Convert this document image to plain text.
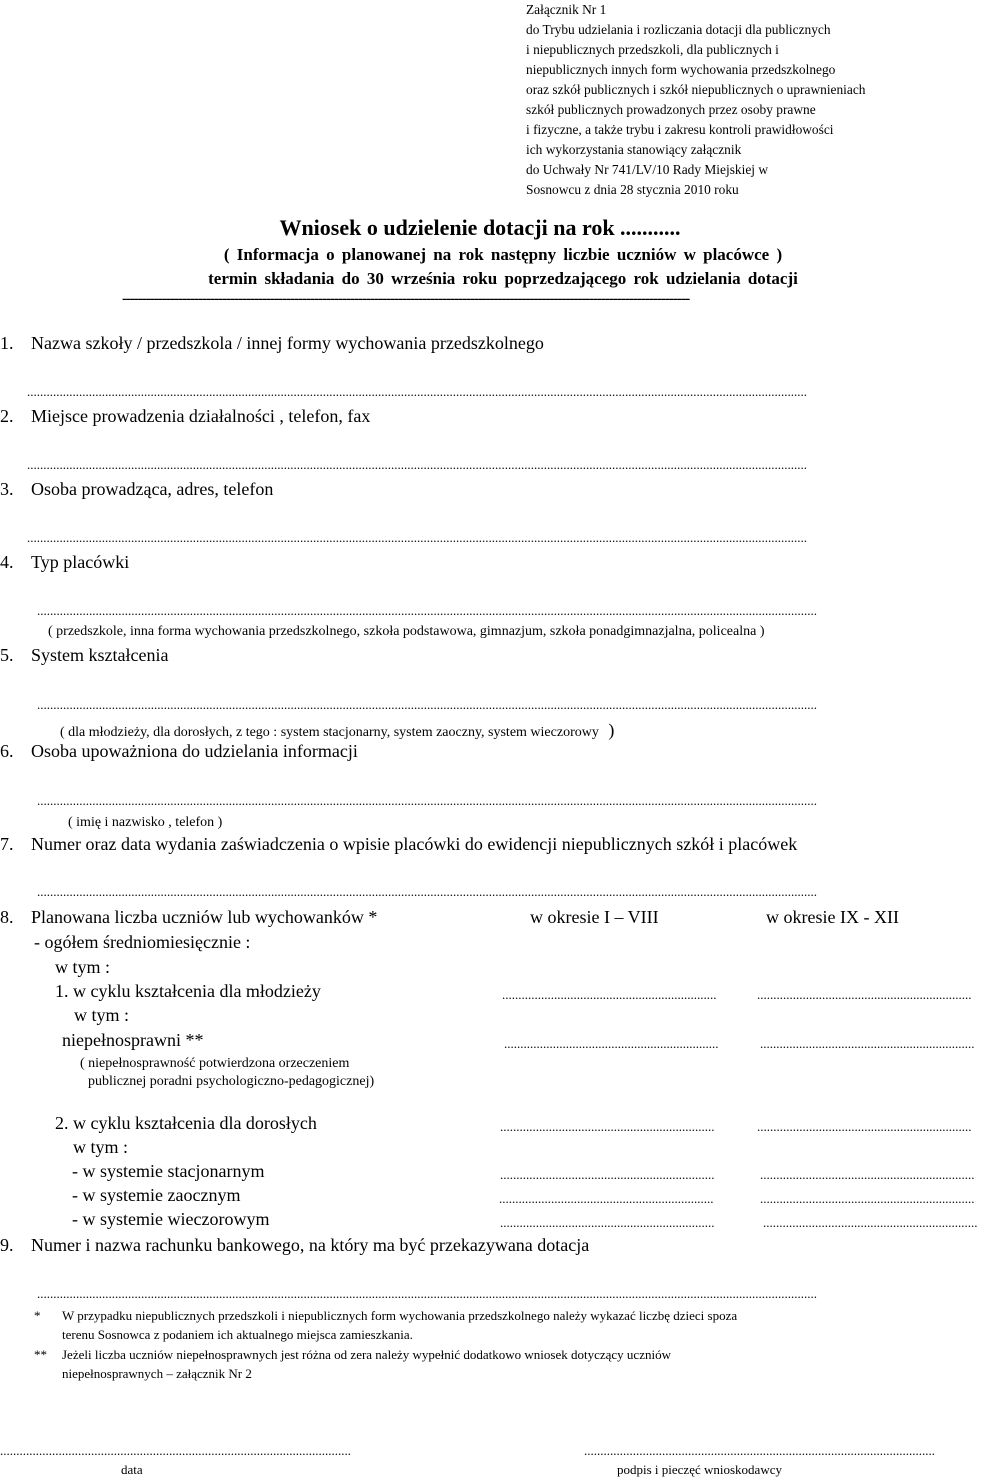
Załącznik Nr 1
do Trybu udzielania i rozliczania dotacji dla publicznych
i niepublicznych przedszkoli, dla publicznych i
niepublicznych innych form wychowania przedszkolnego
oraz szkół publicznych i szkół niepublicznych o uprawnieniach
szkół publicznych prowadzonych przez osoby prawne
i fizyczne, a także trybu i zakresu kontroli prawidłowości
ich wykorzystania stanowiący załącznik
do Uchwały Nr 741/LV/10 Rady Miejskiej w
Sosnowcu z dnia 28 stycznia 2010 roku
Wniosek o udzielenie dotacji na rok ...........
( Informacja o planowanej na rok następny liczbie uczniów w placówce )
termin składania do 30 września roku poprzedzającego rok udzielania dotacji
----------------------------------------------------------------------------------------------------------------------------------------------
1. Nazwa szkoły / przedszkola / innej formy wychowania przedszkolnego
................................................................................................................................................................................................................................................
2. Miejsce prowadzenia działalności , telefon, fax
................................................................................................................................................................................................................................................
3. Osoba prowadząca, adres, telefon
................................................................................................................................................................................................................................................
4. Typ placówki
................................................................................................................................................................................................................................................
( przedszkole, inna forma wychowania przedszkolnego, szkoła podstawowa, gimnazjum, szkoła ponadgimnazjalna, policealna )
5. System kształcenia
................................................................................................................................................................................................................................................
( dla młodzieży, dla dorosłych, z tego : system stacjonarny, system zaoczny, system wieczorowy )
6. Osoba upoważniona do udzielania informacji
................................................................................................................................................................................................................................................
( imię i nazwisko , telefon )
7. Numer oraz data wydania zaświadczenia o wpisie placówki do ewidencji niepublicznych szkół i placówek
................................................................................................................................................................................................................................................
8. Planowana liczba uczniów lub wychowanków *	w okresie I – VIII	w okresie IX - XII
- ogółem średniomiesięcznie :
w tym :
1. w cyklu kształcenia dla młodzieży	..................................................................	..................................................................
w tym :
niepełnosprawni **	..................................................................	..................................................................
( niepełnosprawność potwierdzona orzeczeniem
publicznej poradni psychologiczno-pedagogicznej)
2. w cyklu kształcenia dla dorosłych	..................................................................	..................................................................
w tym :
- w systemie stacjonarnym	..................................................................	..................................................................
- w systemie zaocznym	..................................................................	..................................................................
- w systemie wieczorowym	..................................................................	..................................................................
9. Numer i nazwa rachunku bankowego, na który ma być przekazywana dotacja
................................................................................................................................................................................................................................................
* W przypadku niepublicznych przedszkoli i niepublicznych form wychowania przedszkolnego należy wykazać liczbę dzieci spoza
terenu Sosnowca z podaniem ich aktualnego miejsca zamieszkania.
** Jeżeli liczba uczniów niepełnosprawnych jest różna od zera należy wypełnić dodatkowo wniosek dotyczący uczniów
niepełnosprawnych – załącznik Nr 2
............................................................................................................	............................................................................................................
data	podpis i pieczęć wnioskodawcy
